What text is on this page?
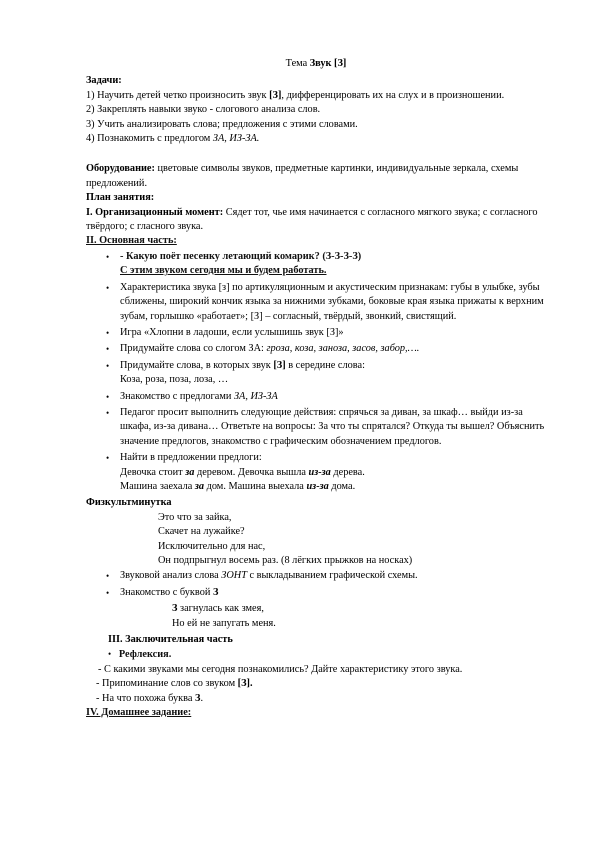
Тема Звук [З]

Задачи:

1) Научить детей четко произносить звук [З], дифференцировать их на слух и в произношении.

2) Закреплять навыки звуко - слогового анализа слов.

3) Учить анализировать слова; предложения с этими словами.

4) Познакомить с предлогом ЗА, ИЗ-ЗА.

Оборудование: цветовые символы звуков, предметные картинки, индивидуальные зеркала, схемы предложений.

План занятия:

I. Организационный момент: Сядет тот, чье имя начинается с согласного мягкого звука; с согласного твёрдого; с гласного звука.

II. Основная часть:

• - Какую поёт песенку летающий комарик? (З-З-З-З)
С этим звуком сегодня мы и будем работать.
• Характеристика звука [з] по артикуляционным и акустическим признакам: губы в улыбке, зубы сближены, широкий кончик языка за нижними зубками, боковые края языка прижаты к верхним зубам, горлышко «работает»; [З] – согласный, твёрдый, звонкий, свистящий.
• Игра «Хлопни в ладоши, если услышишь звук [З]»
• Придумайте слова со слогом ЗА: гроза, коза, заноза, засов, забор,….
• Придумайте слова, в которых звук [З] в середине слова:
Коза, роза, поза, лоза, …
• Знакомство с предлогами ЗА, ИЗ-ЗА
• Педагог просит выполнить следующие действия: спрячься за диван, за шкаф… выйди из-за шкафа, из-за дивана… Ответьте на вопросы: За что ты спрятался? Откуда ты вышел? Объяснить значение предлогов, знакомство с графическим обозначением предлогов.
• Найти в предложении предлоги:
Девочка стоит за деревом. Девочка вышла из-за дерева.
Машина заехала за дом. Машина выехала из-за дома.

Физкультминутка

Это что за зайка,

Скачет на лужайке?

Исключительно для нас,

Он подпрыгнул восемь раз. (8 лёгких прыжков на носках)

• Звуковой анализ слова ЗОНТ с выкладыванием графической схемы.
• Знакомство с буквой З

З загнулась как змея,

Но ей не запугать меня.

III. Заключительная часть

• Рефлексия.

- С какими звуками мы сегодня познакомились? Дайте характеристику этого звука.

- Припоминание слов со звуком [З].

- На что похожа буква З.

IV. Домашнее задание:
